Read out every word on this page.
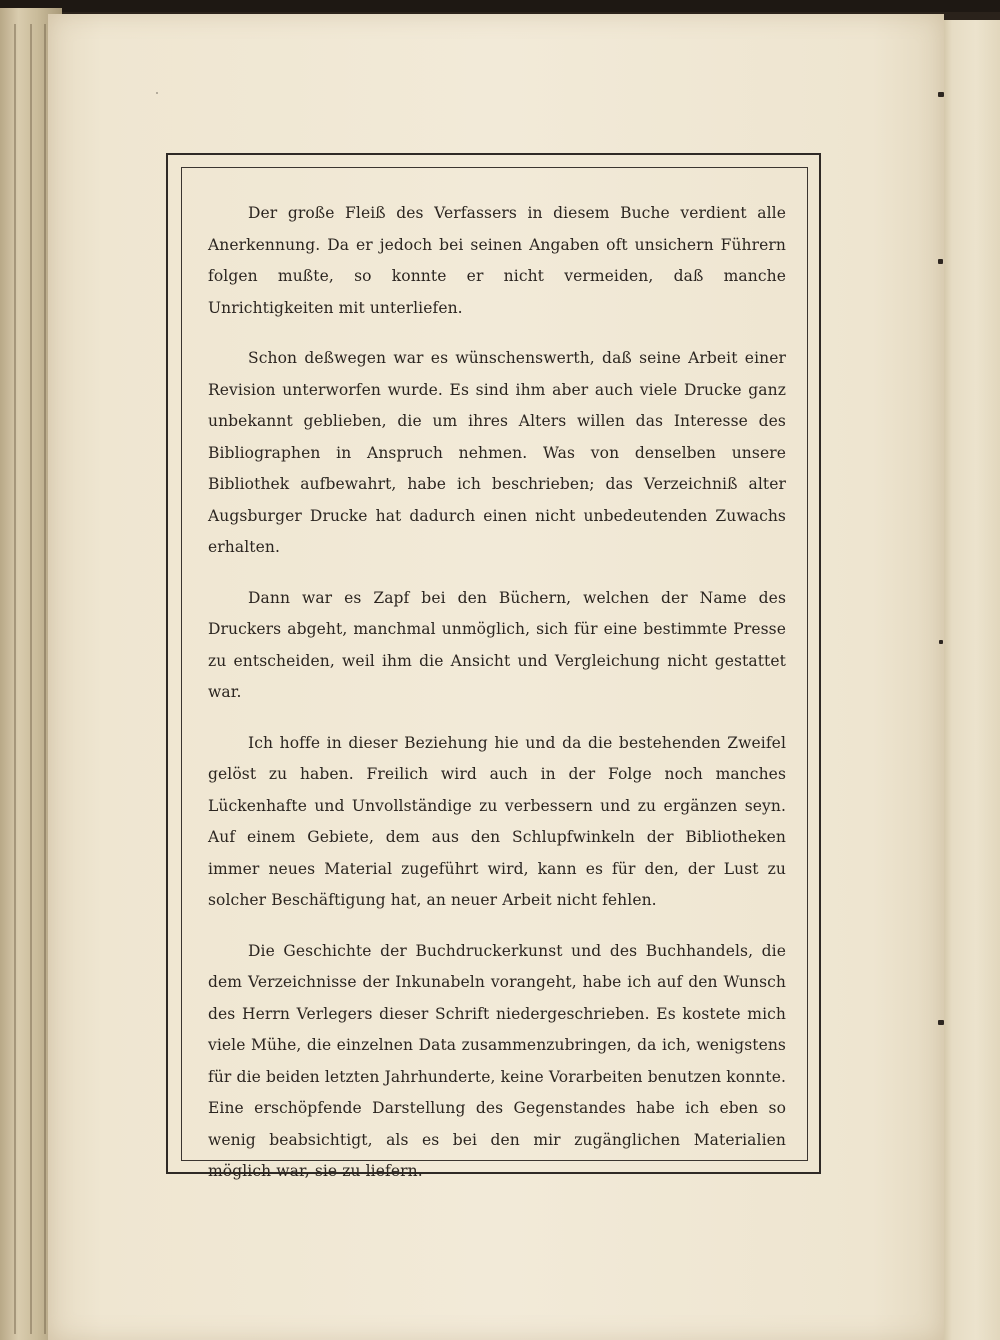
Der große Fleiß des Verfassers in diesem Buche verdient alle Anerkennung. Da er jedoch bei seinen Angaben oft unsichern Führern folgen mußte, so konnte er nicht vermeiden, daß manche Unrichtigkeiten mit unterliefen.

Schon deßwegen war es wünschenswerth, daß seine Arbeit einer Revision unterworfen wurde. Es sind ihm aber auch viele Drucke ganz unbekannt geblieben, die um ihres Alters willen das Interesse des Bibliographen in Anspruch nehmen. Was von denselben unsere Bibliothek aufbewahrt, habe ich beschrieben; das Verzeichniß alter Augsburger Drucke hat dadurch einen nicht unbedeutenden Zuwachs erhalten.

Dann war es Zapf bei den Büchern, welchen der Name des Druckers abgeht, manchmal unmöglich, sich für eine bestimmte Presse zu entscheiden, weil ihm die Ansicht und Vergleichung nicht gestattet war.

Ich hoffe in dieser Beziehung hie und da die bestehenden Zweifel gelöst zu haben. Freilich wird auch in der Folge noch manches Lückenhafte und Unvollständige zu verbessern und zu ergänzen seyn. Auf einem Gebiete, dem aus den Schlupfwinkeln der Bibliotheken immer neues Material zugeführt wird, kann es für den, der Lust zu solcher Beschäftigung hat, an neuer Arbeit nicht fehlen.

Die Geschichte der Buchdruckerkunst und des Buchhandels, die dem Verzeichnisse der Inkunabeln vorangeht, habe ich auf den Wunsch des Herrn Verlegers dieser Schrift niedergeschrieben. Es kostete mich viele Mühe, die einzelnen Data zusammenzubringen, da ich, wenigstens für die beiden letzten Jahrhunderte, keine Vorarbeiten benutzen konnte. Eine erschöpfende Darstellung des Gegenstandes habe ich eben so wenig beabsichtigt, als es bei den mir zugänglichen Materialien möglich war, sie zu liefern.
